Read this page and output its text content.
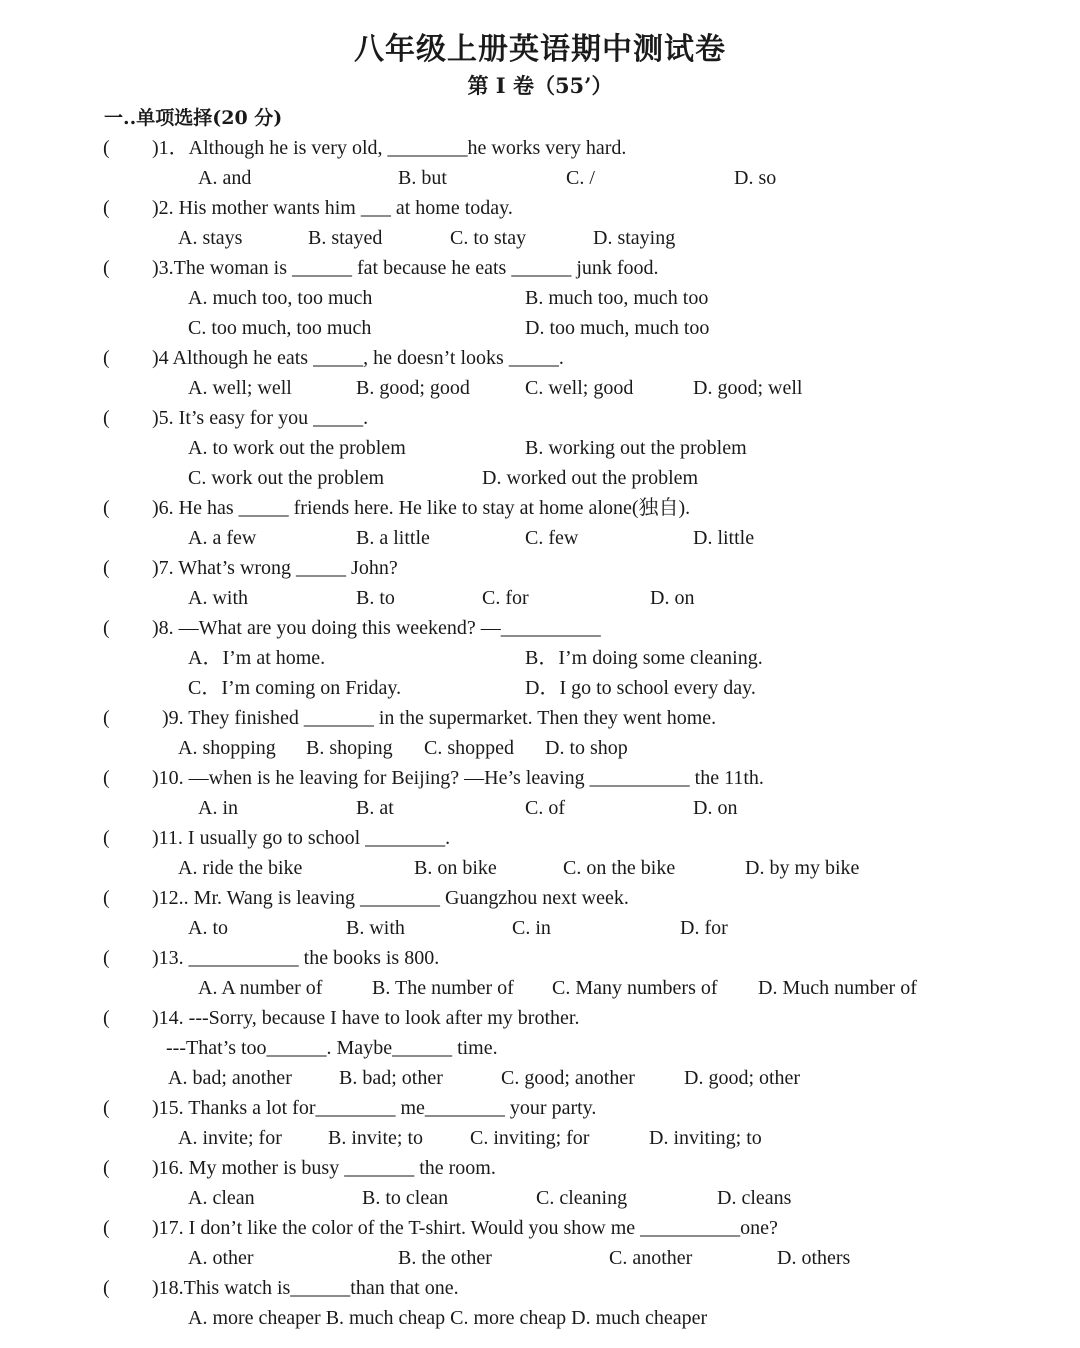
八年级上册英语期中测试卷
第 I 卷（55’）
一..单项选择(20 分)
( )1．Although he is very old, ________he works very hard.
A. and	B. but	C. /	D. so
( )2. His mother wants him ___ at home today.
A. stays	B. stayed	C. to stay	D. staying
( )3.The woman is ______ fat because he eats ______ junk food.
A. much too, too much	B. much too, much too
C. too much, too much	D. too much, much too
( )4 Although he eats _____, he doesn’t looks _____.
A. well; well	B. good; good	C. well; good	D. good; well
( )5. It’s easy for you _____.
A. to work out the problem	B. working out the problem
C. work out the problem	D. worked out the problem
( )6. He has _____ friends here. He like to stay at home alone(独自).
A. a few	B. a little	C. few	D. little
( )7. What’s wrong _____ John?
A. with	B. to	C. for	D. on
( )8. —What are you doing this weekend? —__________
A．I’m at home.	B．I’m doing some cleaning.
C．I’m coming on Friday.	D．I go to school every day.
(	)9. They finished _______ in the supermarket. Then they went home.
A. shopping B. shoping C. shopped D. to shop
( )10. —when is he leaving for Beijing? —He’s leaving __________ the 11th.
A. in	B. at	C. of	D. on
( )11. I usually go to school ________.
A. ride the bike	B. on bike	C. on the bike	D. by my bike
( )12.. Mr. Wang is leaving ________ Guangzhou next week.
A. to	B. with	C. in	D. for
( )13. ___________ the books is 800.
A. A number of B. The number of C. Many numbers of D. Much number of
( )14. ---Sorry, because I have to look after my brother.
---That’s too______. Maybe______ time.
A. bad; another B. bad; other	C. good; another D. good; other
( )15. Thanks a lot for________ me________ your party.
A. invite; for B. invite; to C. inviting; for	D. inviting; to
( )16. My mother is busy _______ the room.
A. clean	B. to clean	C. cleaning	D. cleans
( )17. I don’t like the color of the T-shirt. Would you show me __________one?
A. other	B. the other	C. another	D. others
( )18.This watch is______than that one.
A. more cheaper B. much cheap C. more cheap D. much cheaper
